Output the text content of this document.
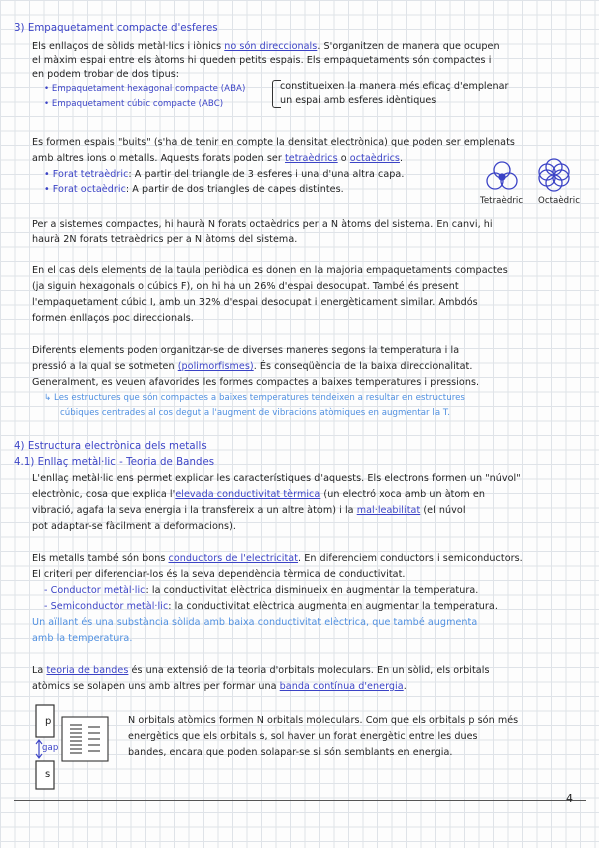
3) Empaquetament compacte d'esferes
Els enllaços de sòlids metàl·lics i iònics no són direccionals. S'organitzen de manera que ocupen
el màxim espai entre els àtoms hi queden petits espais. Els empaquetaments són compactes i
en podem trobar de dos tipus:
• Empaquetament hexagonal compacte (ABA)
• Empaquetament cúbic compacte (ABC)
constitueixen la manera més eficaç d'emplenar
un espai amb esferes idèntiques
Es formen espais "buits" (s'ha de tenir en compte la densitat electrònica) que poden ser emplenats
amb altres ions o metalls. Aquests forats poden ser tetraèdrics o octaèdrics.
• Forat tetraèdric: A partir del triangle de 3 esferes i una d'una altra capa.
• Forat octaèdric: A partir de dos triangles de capes distintes.
Tetraèdric Octaèdric
Per a sistemes compactes, hi haurà N forats octaèdrics per a N àtoms del sistema. En canvi, hi
haurà 2N forats tetraèdrics per a N àtoms del sistema.
En el cas dels elements de la taula periòdica es donen en la majoria empaquetaments compactes
(ja siguin hexagonals o cúbics F), on hi ha un 26% d'espai desocupat. També és present
l'empaquetament cúbic I, amb un 32% d'espai desocupat i energèticament similar. Ambdós
formen enllaços poc direccionals.
Diferents elements poden organitzar-se de diverses maneres segons la temperatura i la
pressió a la qual se sotmeten (polimorfismes). És conseqüència de la baixa direccionalitat.
Generalment, es veuen afavorides les formes compactes a baixes temperatures i pressions.
↳ Les estructures que són compactes a baixes temperatures tendeixen a resultar en estructures
cúbiques centrades al cos degut a l'augment de vibracions atòmiques en augmentar la T.
4) Estructura electrònica dels metalls
4.1) Enllaç metàl·lic - Teoria de Bandes
L'enllaç metàl·lic ens permet explicar les característiques d'aquests. Els electrons formen un "núvol"
electrònic, cosa que explica l'elevada conductivitat tèrmica (un electró xoca amb un àtom en
vibració, agafa la seva energia i la transfereix a un altre àtom) i la mal·leabilitat (el núvol
pot adaptar-se fàcilment a deformacions).
Els metalls també són bons conductors de l'electricitat. En diferenciem conductors i semiconductors.
El criteri per diferenciar-los és la seva dependència tèrmica de conductivitat.
- Conductor metàl·lic: la conductivitat elèctrica disminueix en augmentar la temperatura.
- Semiconductor metàl·lic: la conductivitat elèctrica augmenta en augmentar la temperatura.
Un aïllant és una substància sòlida amb baixa conductivitat elèctrica, que també augmenta
amb la temperatura.
La teoria de bandes és una extensió de la teoria d'orbitals moleculars. En un sòlid, els orbitals
atòmics se solapen uns amb altres per formar una banda contínua d'energia.
p
s
gap
N orbitals atòmics formen N orbitals moleculars. Com que els orbitals p són més
energètics que els orbitals s, sol haver un forat energètic entre les dues
bandes, encara que poden solapar-se si són semblants en energia.
4
